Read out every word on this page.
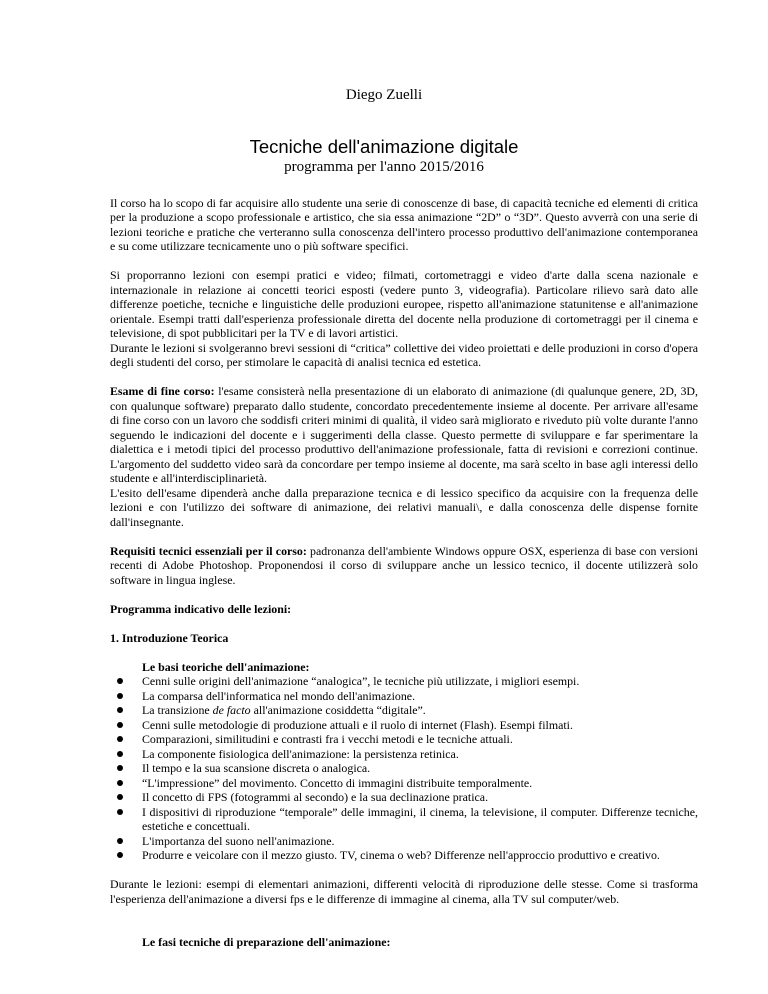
Diego Zuelli
Tecniche dell'animazione digitale
programma per l'anno 2015/2016

Il corso ha lo scopo di far acquisire allo studente una serie di conoscenze di base, di capacità tecniche ed elementi di critica per la produzione a scopo professionale e artistico, che sia essa animazione “2D” o “3D”. Questo avverrà con una serie di lezioni teoriche e pratiche che verteranno sulla conoscenza dell'intero processo produttivo dell'animazione contemporanea e su come utilizzare tecnicamente uno o più software specifici.

Si proporranno lezioni con esempi pratici e video; filmati, cortometraggi e video d'arte dalla scena nazionale e internazionale in relazione ai concetti teorici esposti (vedere punto 3, videografia). Particolare rilievo sarà dato alle differenze poetiche, tecniche e linguistiche delle produzioni europee, rispetto all'animazione statunitense e all'animazione orientale. Esempi tratti dall'esperienza professionale diretta del docente nella produzione di cortometraggi per il cinema e televisione, di spot pubblicitari per la TV e di lavori artistici.

Durante le lezioni si svolgeranno brevi sessioni di “critica” collettive dei video proiettati e delle produzioni in corso d'opera degli studenti del corso, per stimolare le capacità di analisi tecnica ed estetica.

Esame di fine corso: l'esame consisterà nella presentazione di un elaborato di animazione (di qualunque genere, 2D, 3D, con qualunque software) preparato dallo studente, concordato precedentemente insieme al docente. Per arrivare all'esame di fine corso con un lavoro che soddisfi criteri minimi di qualità, il video sarà migliorato e riveduto più volte durante l'anno seguendo le indicazioni del docente e i suggerimenti della classe. Questo permette di sviluppare e far sperimentare la dialettica e i metodi tipici del processo produttivo dell'animazione professionale, fatta di revisioni e correzioni continue. L'argomento del suddetto video sarà da concordare per tempo insieme al docente, ma sarà scelto in base agli interessi dello studente e all'interdisciplinarietà.

L'esito dell'esame dipenderà anche dalla preparazione tecnica e di lessico specifico da acquisire con la frequenza delle lezioni e con l'utilizzo dei software di animazione, dei relativi manuali\, e dalla conoscenza delle dispense fornite dall'insegnante.

Requisiti tecnici essenziali per il corso: padronanza dell'ambiente Windows oppure OSX, esperienza di base con versioni recenti di Adobe Photoshop. Proponendosi il corso di sviluppare anche un lessico tecnico, il docente utilizzerà solo software in lingua inglese.

Programma indicativo delle lezioni:

1. Introduzione Teorica

Le basi teoriche dell'animazione:

Cenni sulle origini dell'animazione “analogica”, le tecniche più utilizzate, i migliori esempi.
La comparsa dell'informatica nel mondo dell'animazione.
La transizione de facto all'animazione cosiddetta “digitale”.
Cenni sulle metodologie di produzione attuali e il ruolo di internet (Flash). Esempi filmati.
Comparazioni, similitudini e contrasti fra i vecchi metodi e le tecniche attuali.
La componente fisiologica dell'animazione: la persistenza retinica.
Il tempo e la sua scansione discreta o analogica.
“L'impressione” del movimento. Concetto di immagini distribuite temporalmente.
Il concetto di FPS (fotogrammi al secondo) e la sua declinazione pratica.
I dispositivi di riproduzione “temporale” delle immagini, il cinema, la televisione, il computer. Differenze tecniche, estetiche e concettuali.
L'importanza del suono nell'animazione.
Produrre e veicolare con il mezzo giusto. TV, cinema o web? Differenze nell'approccio produttivo e creativo.

Durante le lezioni: esempi di elementari animazioni, differenti velocità di riproduzione delle stesse. Come si trasforma l'esperienza dell'animazione a diversi fps e le differenze di immagine al cinema, alla TV sul computer/web.

Le fasi tecniche di preparazione dell'animazione:
